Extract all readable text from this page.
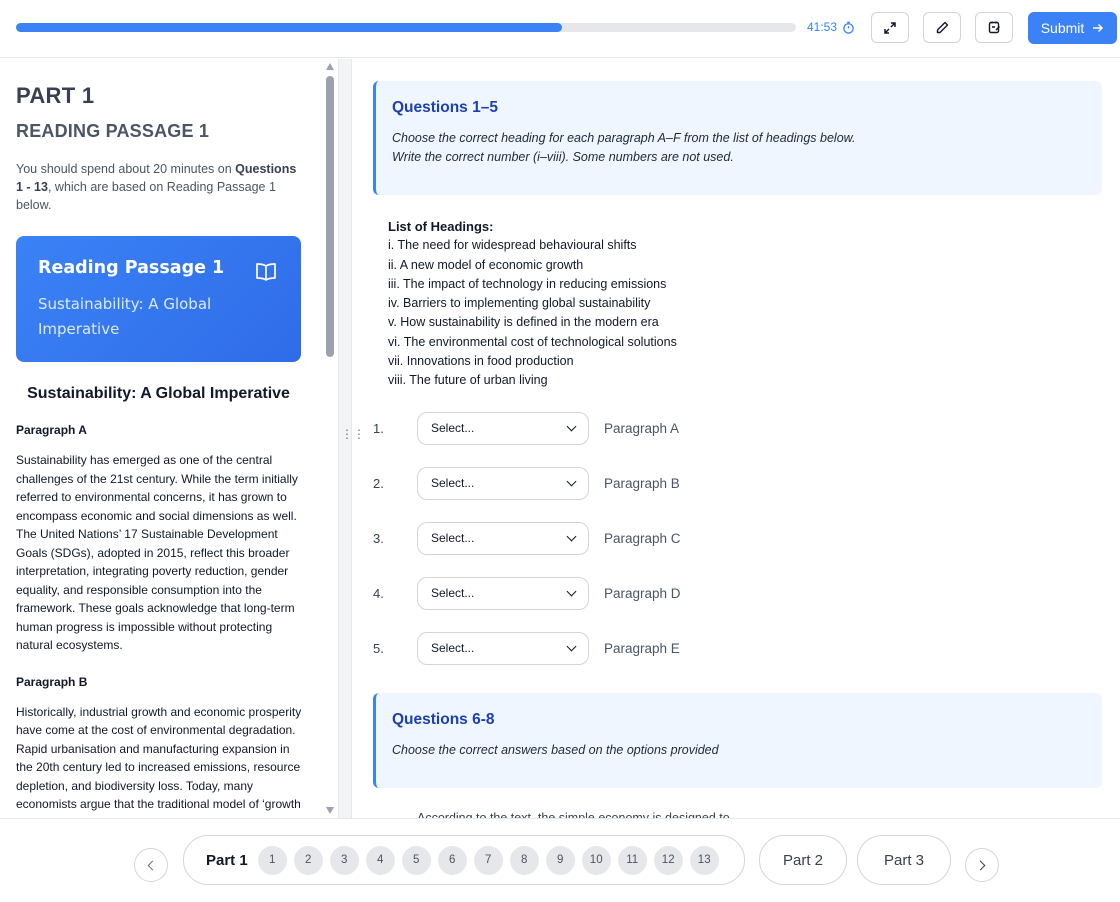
41:53	Submit
PART 1
READING PASSAGE 1
You should spend about 20 minutes on Questions 1 - 13, which are based on Reading Passage 1 below.
Reading Passage 1
Sustainability: A Global Imperative
Sustainability: A Global Imperative
Paragraph A
Sustainability has emerged as one of the central challenges of the 21st century. While the term initially referred to environmental concerns, it has grown to encompass economic and social dimensions as well. The United Nations’ 17 Sustainable Development Goals (SDGs), adopted in 2015, reflect this broader interpretation, integrating poverty reduction, gender equality, and responsible consumption into the framework. These goals acknowledge that long-term human progress is impossible without protecting natural ecosystems.
Paragraph B
Historically, industrial growth and economic prosperity have come at the cost of environmental degradation. Rapid urbanisation and manufacturing expansion in the 20th century led to increased emissions, resource depletion, and biodiversity loss. Today, many economists argue that the traditional model of ‘growth
⋮⋮
Questions 1–5
Choose the correct heading for each paragraph A–F from the list of headings below.
Write the correct number (i–viii). Some numbers are not used.
List of Headings:
i. The need for widespread behavioural shifts
ii. A new model of economic growth
iii. The impact of technology in reducing emissions
iv. Barriers to implementing global sustainability
v. How sustainability is defined in the modern era
vi. The environmental cost of technological solutions
vii. Innovations in food production
viii. The future of urban living
1.	Select...	Paragraph A
2.	Select...	Paragraph B
3.	Select...	Paragraph C
4.	Select...	Paragraph D
5.	Select...	Paragraph E
Questions 6-8
Choose the correct answers based on the options provided
Part 1	1	2	3	4	5	6	7	8	9	10	11	12	13	Part 2	Part 3
